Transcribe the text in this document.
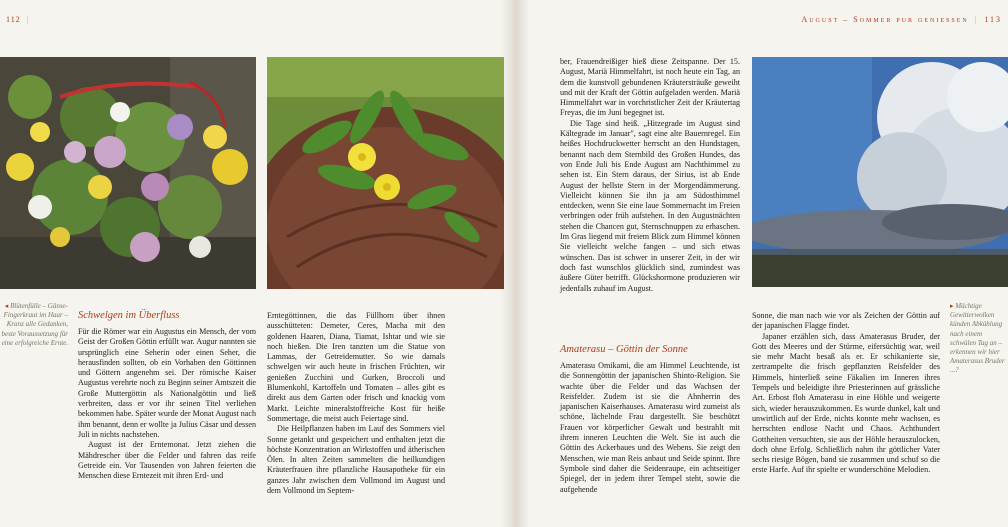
112 |	August – Sommer pur geniessen | 113
◂ Blütenfülle – Gänse-Fingerkraut im Haar – Kranz alle Gedanken, beste Voraussetzung für eine erfolgreiche Ernte.
▸ Mächtige Gewitterwolken künden Abkühlung nach einem schwülen Tag an – erkennen wir hier Amaterasus Bruder ...?
Schwelgen im Überfluss

Für die Römer war ein Augustus ein Mensch, der vom Geist der Großen Göttin erfüllt war. Augur nannten sie ursprünglich eine Seherin oder einen Seher, die herausfinden sollten, ob ein Vorhaben den Göttinnen und Göttern angenehm sei. Der römische Kaiser Augustus verehrte noch zu Beginn seiner Amtszeit die Große Muttergöttin als Nationalgöttin und ließ verbreiten, dass er vor ihr seinen Titel verliehen bekommen habe. Später wurde der Monat August nach ihm benannt, denn er wollte ja Julius Cäsar und dessen Juli in nichts nachstehen.

August ist der Erntemonat. Jetzt ziehen die Mähdrescher über die Felder und fahren das reife Getreide ein. Vor Tausenden von Jahren feierten die Menschen diese Erntezeit mit ihren Erd- und

Erntegöttinnen, die das Füllhorn über ihnen ausschütteten: Demeter, Ceres, Macha mit den goldenen Haaren, Diana, Tiamat, Ishtar und wie sie noch hießen. Die Iren tanzten um die Statue von Lammas, der Getreidemutter. So wie damals schwelgen wir auch heute in frischen Früchten, wir genießen Zucchini und Gurken, Broccoli und Blumenkohl, Kartoffeln und Tomaten – alles gibt es direkt aus dem Garten oder frisch und knackig vom Markt. Leichte mineralstoffreiche Kost für heiße Sommertage, die meist auch Feiertage sind.

Die Heilpflanzen haben im Lauf des Sommers viel Sonne getankt und gespeichert und enthalten jetzt die höchste Konzentration an Wirkstoffen und ätherischen Ölen. In alten Zeiten sammelten die heilkundigen Kräuterfrauen ihre pflanzliche Hausapotheke für ein ganzes Jahr zwischen dem Vollmond im August und dem Vollmond im Septem-

ber, Frauendreißiger hieß diese Zeitspanne. Der 15. August, Mariä Himmelfahrt, ist noch heute ein Tag, an dem die kunstvoll gebundenen Kräutersträuße geweiht und mit der Kraft der Göttin aufgeladen werden. Mariä Himmelfahrt war in vorchristlicher Zeit der Kräutertag Freyas, die im Juni begegnet ist.

Die Tage sind heiß. „Hitzegrade im August sind Kältegrade im Januar", sagt eine alte Bauernregel. Ein heißes Hochdruckwetter herrscht an den Hundstagen, benannt nach dem Sternbild des Großen Hundes, das von Ende Juli bis Ende August am Nachthimmel zu sehen ist. Ein Stern daraus, der Sirius, ist ab Ende August der hellste Stern in der Morgendämmerung. Vielleicht können Sie ihn ja am Südosthimmel entdecken, wenn Sie eine laue Sommernacht im Freien verbringen oder früh aufstehen. In den Augustnächten stehen die Chancen gut, Sternschnuppen zu erhaschen. Im Gras liegend mit freiem Blick zum Himmel können Sie vielleicht welche fangen – und sich etwas wünschen. Das ist schwer in unserer Zeit, in der wir doch fast wunschlos glücklich sind, zumindest was äußere Güter betrifft. Glückshormone produzieren wir jedenfalls zuhauf im August.

Amaterasu – Göttin der Sonne

Amaterasu Omikami, die am Himmel Leuchtende, ist die Sonnengöttin der japanischen Shinto-Religion. Sie wachte über die Felder und das Wachsen der Reisfelder. Zudem ist sie die Ahnherrin des japanischen Kaiserhauses. Amaterasu wird zumeist als schöne, lächelnde Frau dargestellt. Sie beschützt Frauen vor körperlicher Gewalt und bestrahlt mit ihrem inneren Leuchten die Welt. Sie ist auch die Göttin des Ackerbaues und des Webens. Sie zeigt den Menschen, wie man Reis anbaut und Seide spinnt. Ihre Symbole sind daher die Seidenraupe, ein achtseitiger Spiegel, der in jedem ihrer Tempel steht, sowie die aufgehende

Sonne, die man nach wie vor als Zeichen der Göttin auf der japanischen Flagge findet.

Japaner erzählen sich, dass Amaterasus Bruder, der Gott des Meeres und der Stürme, eifersüchtig war, weil sie mehr Macht besaß als er. Er schikanierte sie, zertrampelte die frisch gepflanzten Reisfelder des Himmels, hinterließ seine Fäkalien im Inneren ihres Tempels und beleidigte ihre Priesterinnen auf grässliche Art. Erbost floh Amaterasu in eine Höhle und weigerte sich, wieder herauszukommen. Es wurde dunkel, kalt und unwirtlich auf der Erde, nichts konnte mehr wachsen, es herrschten endlose Nacht und Chaos. Achthundert Gottheiten versuchten, sie aus der Höhle herauszulocken, doch ohne Erfolg. Schließlich nahm ihr göttlicher Vater sechs riesige Bögen, band sie zusammen und schuf so die erste Harfe. Auf ihr spielte er wunderschöne Melodien.
